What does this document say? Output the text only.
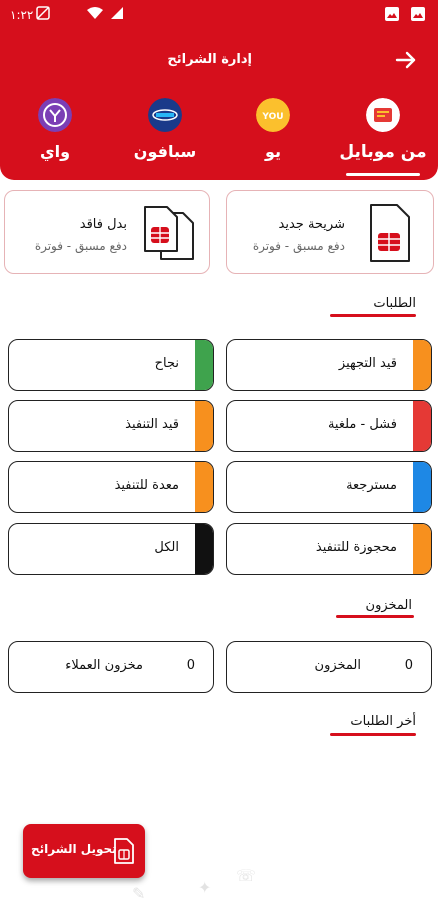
١:٢٢
إدارة الشرائح
من موبايل
YOU
يو
سبافون
واي
شريحة جديد
دفع مسبق - فوترة
بدل فاقد
دفع مسبق - فوترة
الطلبات
قيد التجهيز
نجاح
فشل - ملغية
قيد التنفيذ
مسترجعة
معدة للتنفيذ
محجوزة للتنفيذ
الكل
المخزون
المخزون	0
مخزون العملاء	0
أخر الطلبات
✎	✦
☏
تحويل الشرائح
